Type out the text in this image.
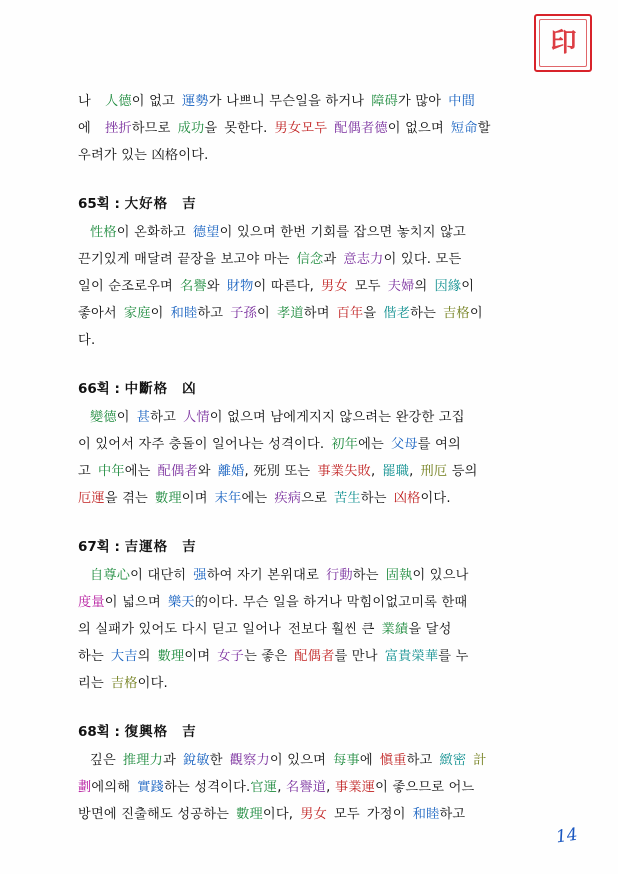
印
나 人德이 없고 運勢가 나쁘니 무슨일을 하거나 障碍가 많아 中間
에 挫折하므로 成功을 못한다. 男女모두 配偶者德이 없으며 短命할
우려가 있는 凶格이다.
65획 : 大好格 吉
性格이 온화하고 德望이 있으며 한번 기회를 잡으면 놓치지 않고
끈기있게 매달려 끝장을 보고야 마는 信念과 意志力이 있다. 모든
일이 순조로우며 名譽와 財物이 따른다, 男女 모두 夫婦의 因緣이
좋아서 家庭이 和睦하고 子孫이 孝道하며 百年을 偕老하는 吉格이
다.
66획 : 中斷格 凶
變德이 甚하고 人情이 없으며 남에게지지 않으려는 완강한 고집
이 있어서 자주 충돌이 일어나는 성격이다. 初年에는 父母를 여의
고 中年에는 配偶者와 離婚, 死別 또는 事業失敗, 罷職, 刑厄 등의
厄運을 겪는 數理이며 末年에는 疾病으로 苦生하는 凶格이다.
67획 : 吉運格 吉
自尊心이 대단히 强하여 자기 본위대로 行動하는 固執이 있으나
度量이 넓으며 樂天的이다. 무슨 일을 하거나 막힘이없고미록 한때
의 실패가 있어도 다시 딛고 일어나 전보다 훨씬 큰 業績을 달성
하는 大吉의 數理이며 女子는 좋은 配偶者를 만나 富貴榮華를 누
리는 吉格이다.
68획 : 復興格 吉
깊은 推理力과 銳敏한 觀察力이 있으며 每事에 愼重하고 緻密 計
劃에의해 實踐하는 성격이다.官運, 名譽道, 事業運이 좋으므로 어느
방면에 진출해도 성공하는 數理이다, 男女 모두 가정이 和睦하고
14
